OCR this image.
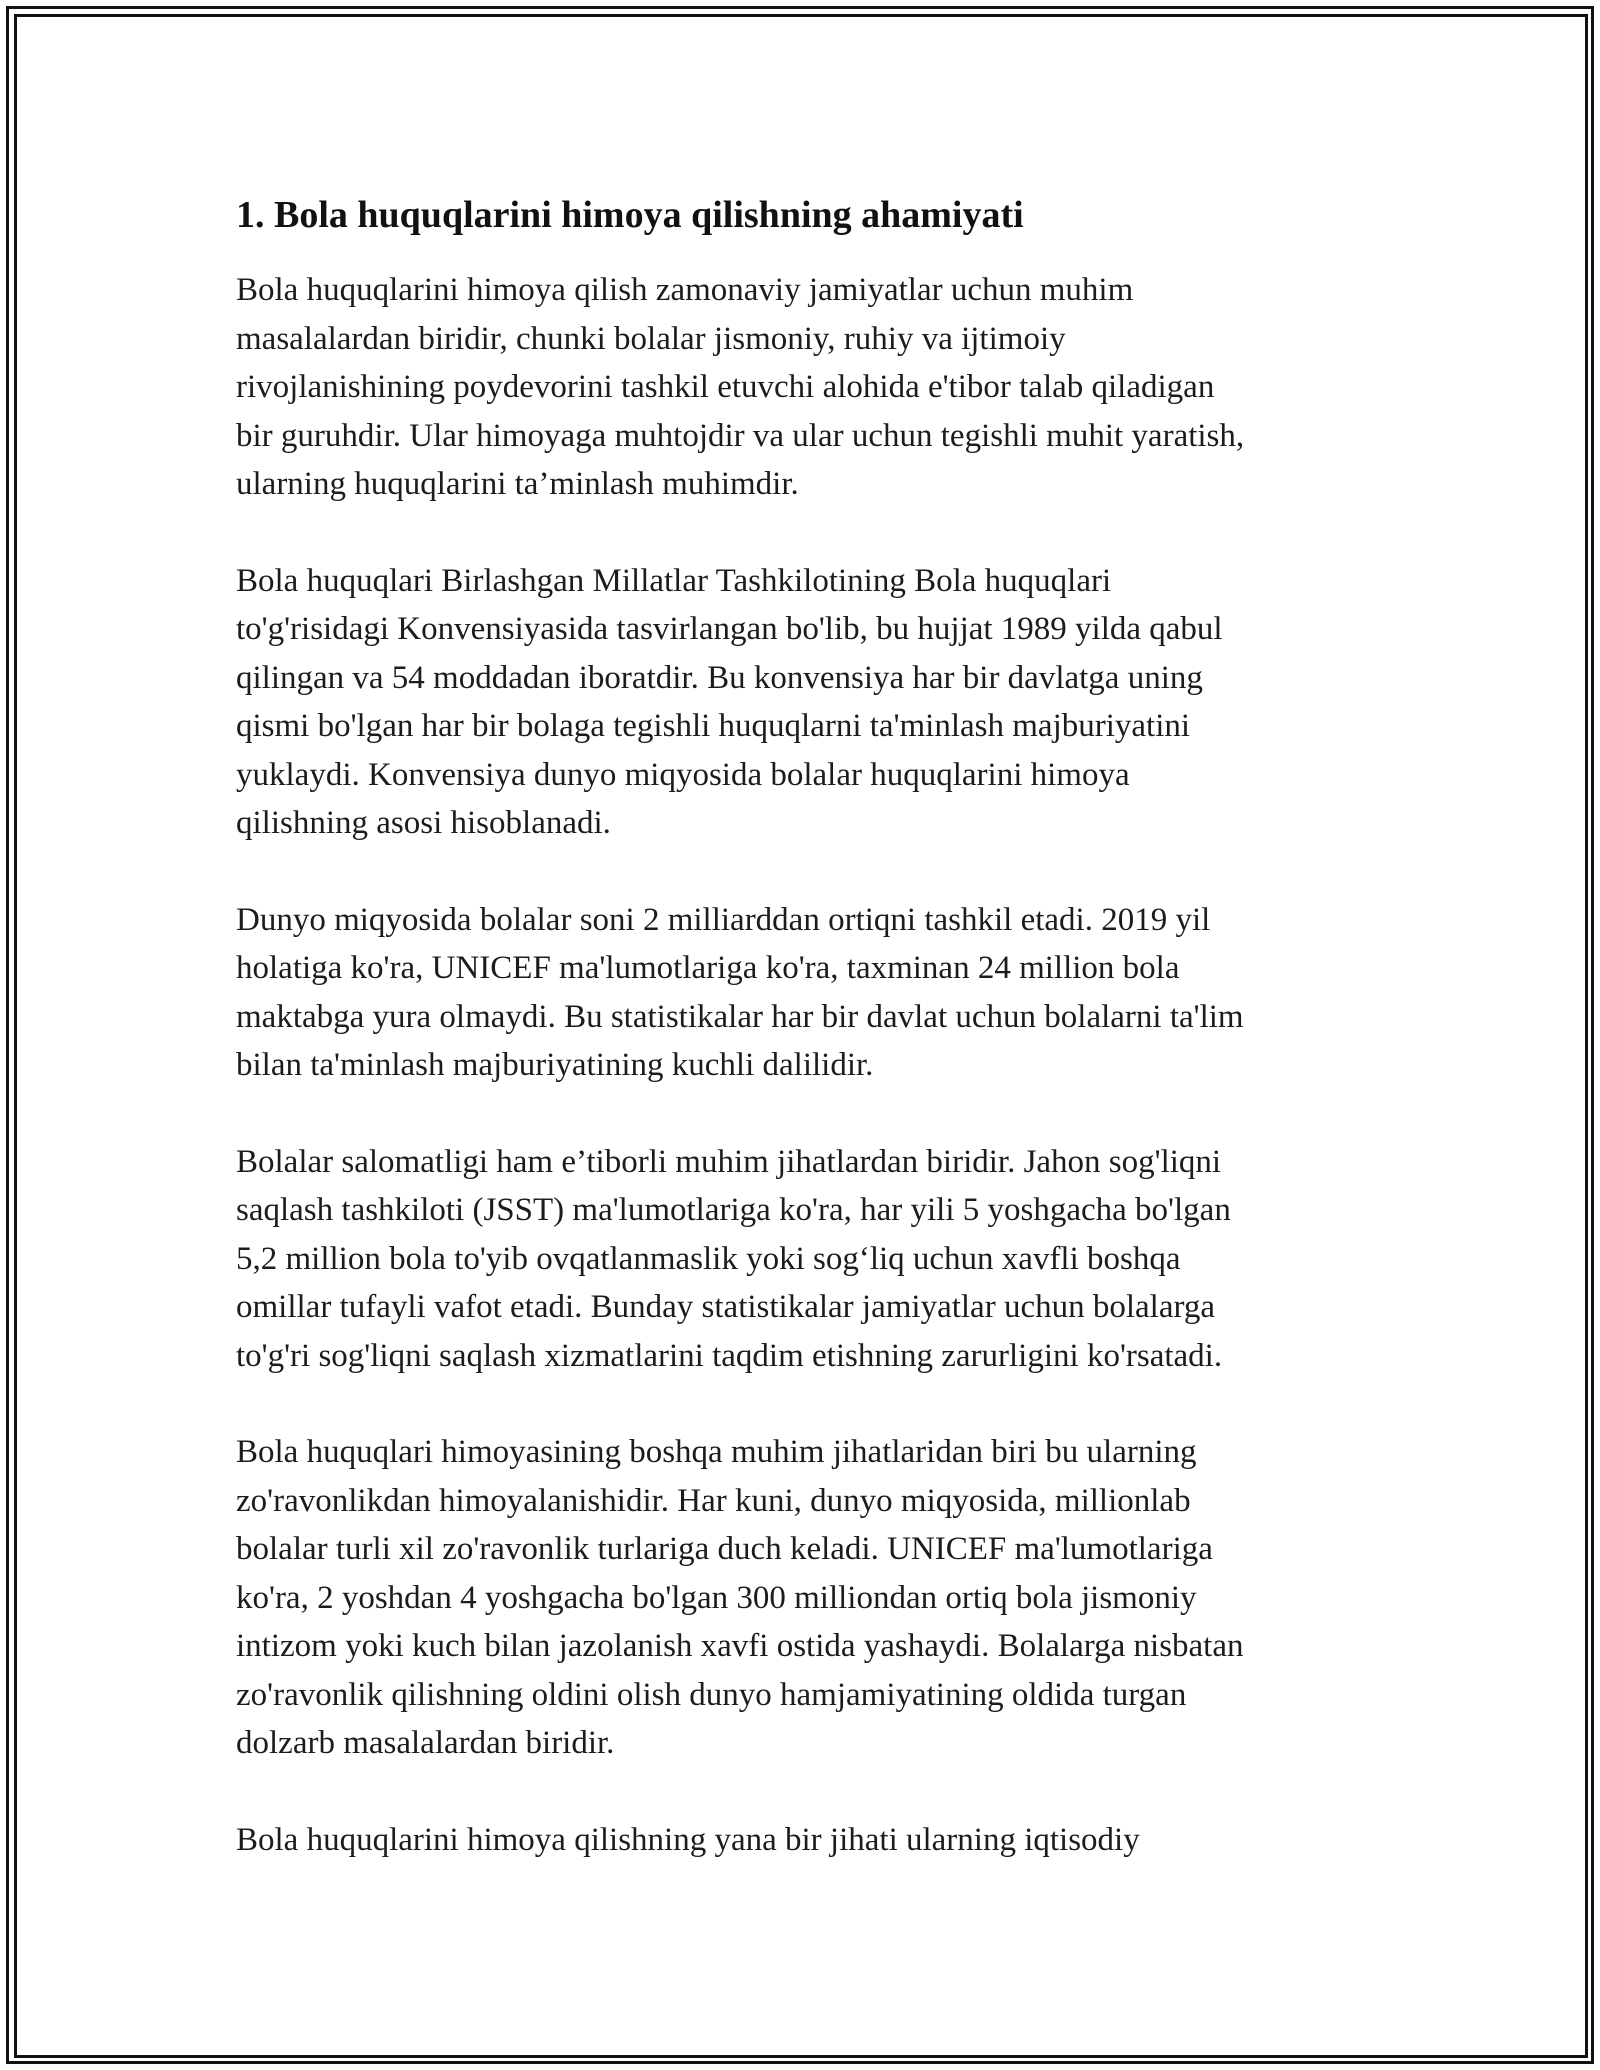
1. Bola huquqlarini himoya qilishning ahamiyati

Bola huquqlarini himoya qilish zamonaviy jamiyatlar uchun muhim
masalalardan biridir, chunki bolalar jismoniy, ruhiy va ijtimoiy
rivojlanishining poydevorini tashkil etuvchi alohida e'tibor talab qiladigan
bir guruhdir. Ular himoyaga muhtojdir va ular uchun tegishli muhit yaratish,
ularning huquqlarini ta’minlash muhimdir.

Bola huquqlari Birlashgan Millatlar Tashkilotining Bola huquqlari
to'g'risidagi Konvensiyasida tasvirlangan bo'lib, bu hujjat 1989 yilda qabul
qilingan va 54 moddadan iboratdir. Bu konvensiya har bir davlatga uning
qismi bo'lgan har bir bolaga tegishli huquqlarni ta'minlash majburiyatini
yuklaydi. Konvensiya dunyo miqyosida bolalar huquqlarini himoya
qilishning asosi hisoblanadi.

Dunyo miqyosida bolalar soni 2 milliarddan ortiqni tashkil etadi. 2019 yil
holatiga ko'ra, UNICEF ma'lumotlariga ko'ra, taxminan 24 million bola
maktabga yura olmaydi. Bu statistikalar har bir davlat uchun bolalarni ta'lim
bilan ta'minlash majburiyatining kuchli dalilidir.

Bolalar salomatligi ham e’tiborli muhim jihatlardan biridir. Jahon sog'liqni
saqlash tashkiloti (JSST) ma'lumotlariga ko'ra, har yili 5 yoshgacha bo'lgan
5,2 million bola to'yib ovqatlanmaslik yoki sog‘liq uchun xavfli boshqa
omillar tufayli vafot etadi. Bunday statistikalar jamiyatlar uchun bolalarga
to'g'ri sog'liqni saqlash xizmatlarini taqdim etishning zarurligini ko'rsatadi.

Bola huquqlari himoyasining boshqa muhim jihatlaridan biri bu ularning
zo'ravonlikdan himoyalanishidir. Har kuni, dunyo miqyosida, millionlab
bolalar turli xil zo'ravonlik turlariga duch keladi. UNICEF ma'lumotlariga
ko'ra, 2 yoshdan 4 yoshgacha bo'lgan 300 milliondan ortiq bola jismoniy
intizom yoki kuch bilan jazolanish xavfi ostida yashaydi. Bolalarga nisbatan
zo'ravonlik qilishning oldini olish dunyo hamjamiyatining oldida turgan
dolzarb masalalardan biridir.

Bola huquqlarini himoya qilishning yana bir jihati ularning iqtisodiy
